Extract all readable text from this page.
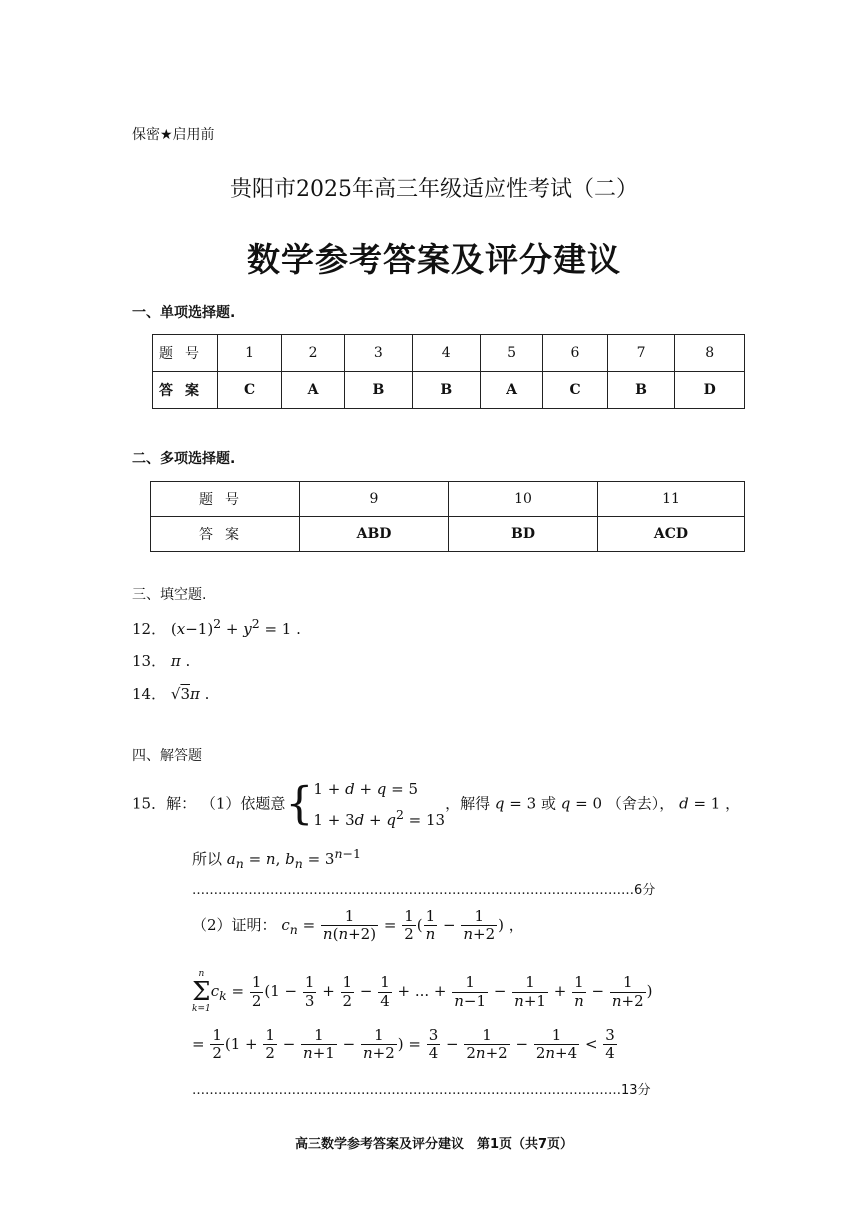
保密★启用前
贵阳市2025年高三年级适应性考试（二）
数学参考答案及评分建议
一、单项选择题.
题号	1	2	3	4	5	6	7	8
答案	C	A	B	B	A	C	B	D
二、多项选择题.
题号	9	10	11
答案	ABD	BD	ACD
三、填空题.
12． $(x-1)^2 + y^2 = 1$ .
13． π .
14． √3π .
四、解答题
15．解： （1）依题意{1 + d + q = 5
$1 + 3d + q^2 = 13$，解得 q = 3 或 q = 0 （舍去）， d = 1 ，
所以 $a_n = n$, $b_n = 3^{n-1}$
…………………………………………………………………………………………6分
（2）证明： $c_n = \frac{1}{n(n+2)} = \frac{1}{2}$ ( $\frac{1}{n} - \frac{1}{n+2}$ ) ，
n
Σ
k=1
$c_k = \frac{1}{2} (1 - \frac{1}{3} + \frac{1}{2} - \frac{1}{4}$ + ... + $\frac{1}{n-1} - \frac{1}{n+1} + \frac{1}{n} - \frac{1}{n+2}$ )
= $\frac{1}{2} (1 + \frac{1}{2} - \frac{1}{n+1} - \frac{1}{n+2}$ ) = $\frac{3}{4} - \frac{1}{2n+2} - \frac{1}{2n+4} < \frac{3}{4}$
………………………………………………………………………………………13分
高三数学参考答案及评分建议　第1页（共7页）
